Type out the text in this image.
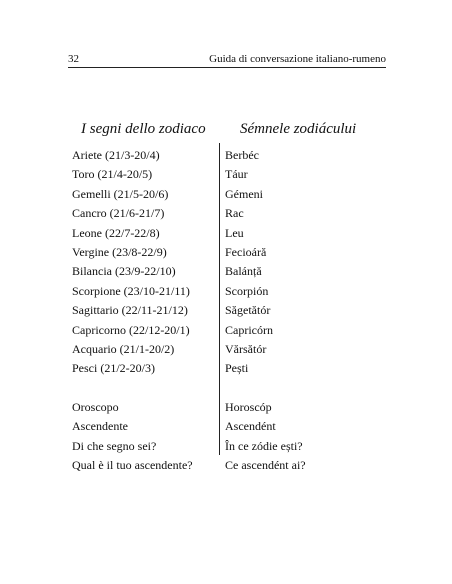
32	Guida di conversazione italiano-rumeno
I segni dello zodiaco Sémnele zodiácului
Ariete (21/3-20/4)
Toro (21/4-20/5)
Gemelli (21/5-20/6)
Cancro (21/6-21/7)
Leone (22/7-22/8)
Vergine (23/8-22/9)
Bilancia (23/9-22/10)
Scorpione (23/10-21/11)
Sagittario (22/11-21/12)
Capricorno (22/12-20/1)
Acquario (21/1-20/2)
Pesci (21/2-20/3)
Oroscopo
Ascendente
Di che segno sei?
Qual è il tuo ascendente?
Berbéc
Táur
Gémeni
Rac
Leu
Fecioáră
Balánță
Scorpión
Săgetătór
Capricórn
Vărsătór
Pești
Horoscóp
Ascendént
În ce zódie ești?
Ce ascendént ai?
